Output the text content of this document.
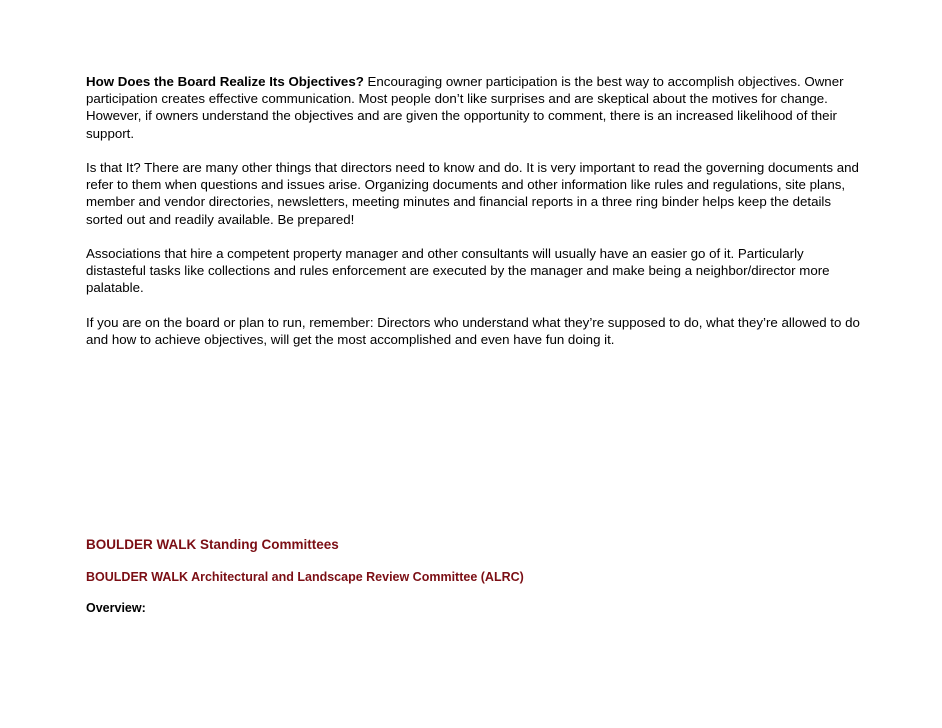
How Does the Board Realize Its Objectives? Encouraging owner participation is the best way to accomplish objectives. Owner participation creates effective communication. Most people don’t like surprises and are skeptical about the motives for change. However, if owners understand the objectives and are given the opportunity to comment, there is an increased likelihood of their support.

Is that It? There are many other things that directors need to know and do. It is very important to read the governing documents and refer to them when questions and issues arise. Organizing documents and other information like rules and regulations, site plans, member and vendor directories, newsletters, meeting minutes and financial reports in a three ring binder helps keep the details sorted out and readily available. Be prepared!

Associations that hire a competent property manager and other consultants will usually have an easier go of it. Particularly distasteful tasks like collections and rules enforcement are executed by the manager and make being a neighbor/director more palatable.

If you are on the board or plan to run, remember: Directors who understand what they’re supposed to do, what they’re allowed to do and how to achieve objectives, will get the most accomplished and even have fun doing it.

BOULDER WALK Standing Committees
BOULDER WALK Architectural and Landscape Review Committee (ALRC)
Overview:
